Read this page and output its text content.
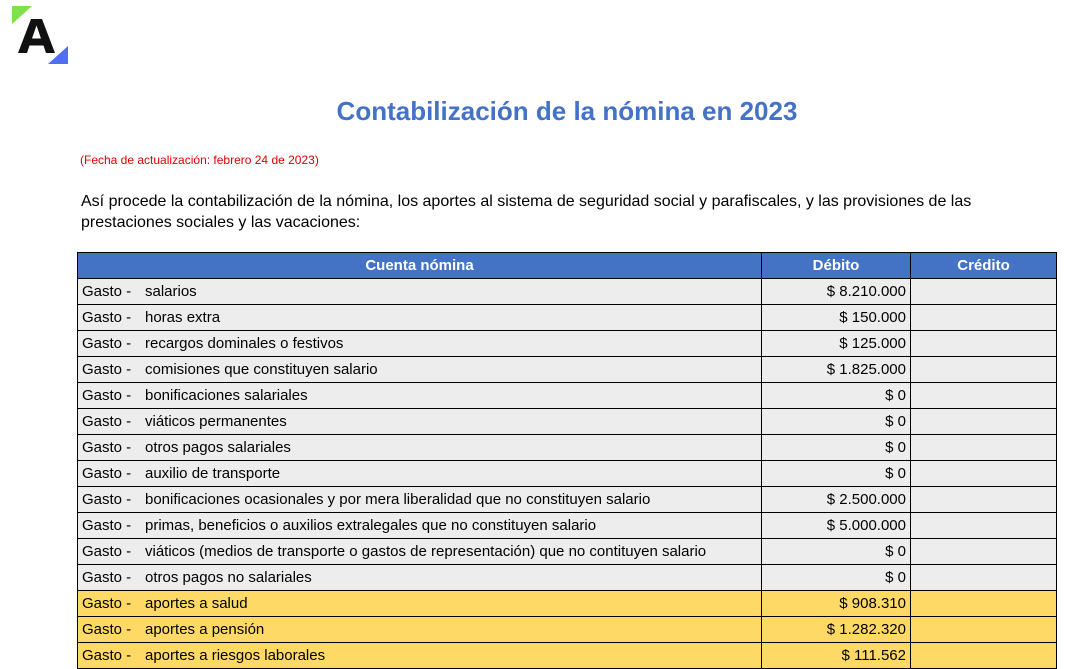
Contabilización de la nómina en 2023
(Fecha de actualización: febrero 24 de 2023)
Así procede la contabilización de la nómina, los aportes al sistema de seguridad social y parafiscales, y las provisiones de las prestaciones sociales y las vacaciones:
Cuenta nómina	Débito	Crédito
Gasto - salarios	$ 8.210.000	
Gasto - horas extra	$ 150.000	
Gasto - recargos dominales o festivos	$ 125.000	
Gasto - comisiones que constituyen salario	$ 1.825.000	
Gasto - bonificaciones salariales	$ 0	
Gasto - viáticos permanentes	$ 0	
Gasto - otros pagos salariales	$ 0	
Gasto - auxilio de transporte	$ 0	
Gasto - bonificaciones ocasionales y por mera liberalidad que no constituyen salario	$ 2.500.000	
Gasto - primas, beneficios o auxilios extralegales que no constituyen salario	$ 5.000.000	
Gasto - viáticos (medios de transporte o gastos de representación) que no contituyen salario	$ 0	
Gasto - otros pagos no salariales	$ 0	
Gasto - aportes a salud	$ 908.310	
Gasto - aportes a pensión	$ 1.282.320	
Gasto - aportes a riesgos laborales	$ 111.562	
